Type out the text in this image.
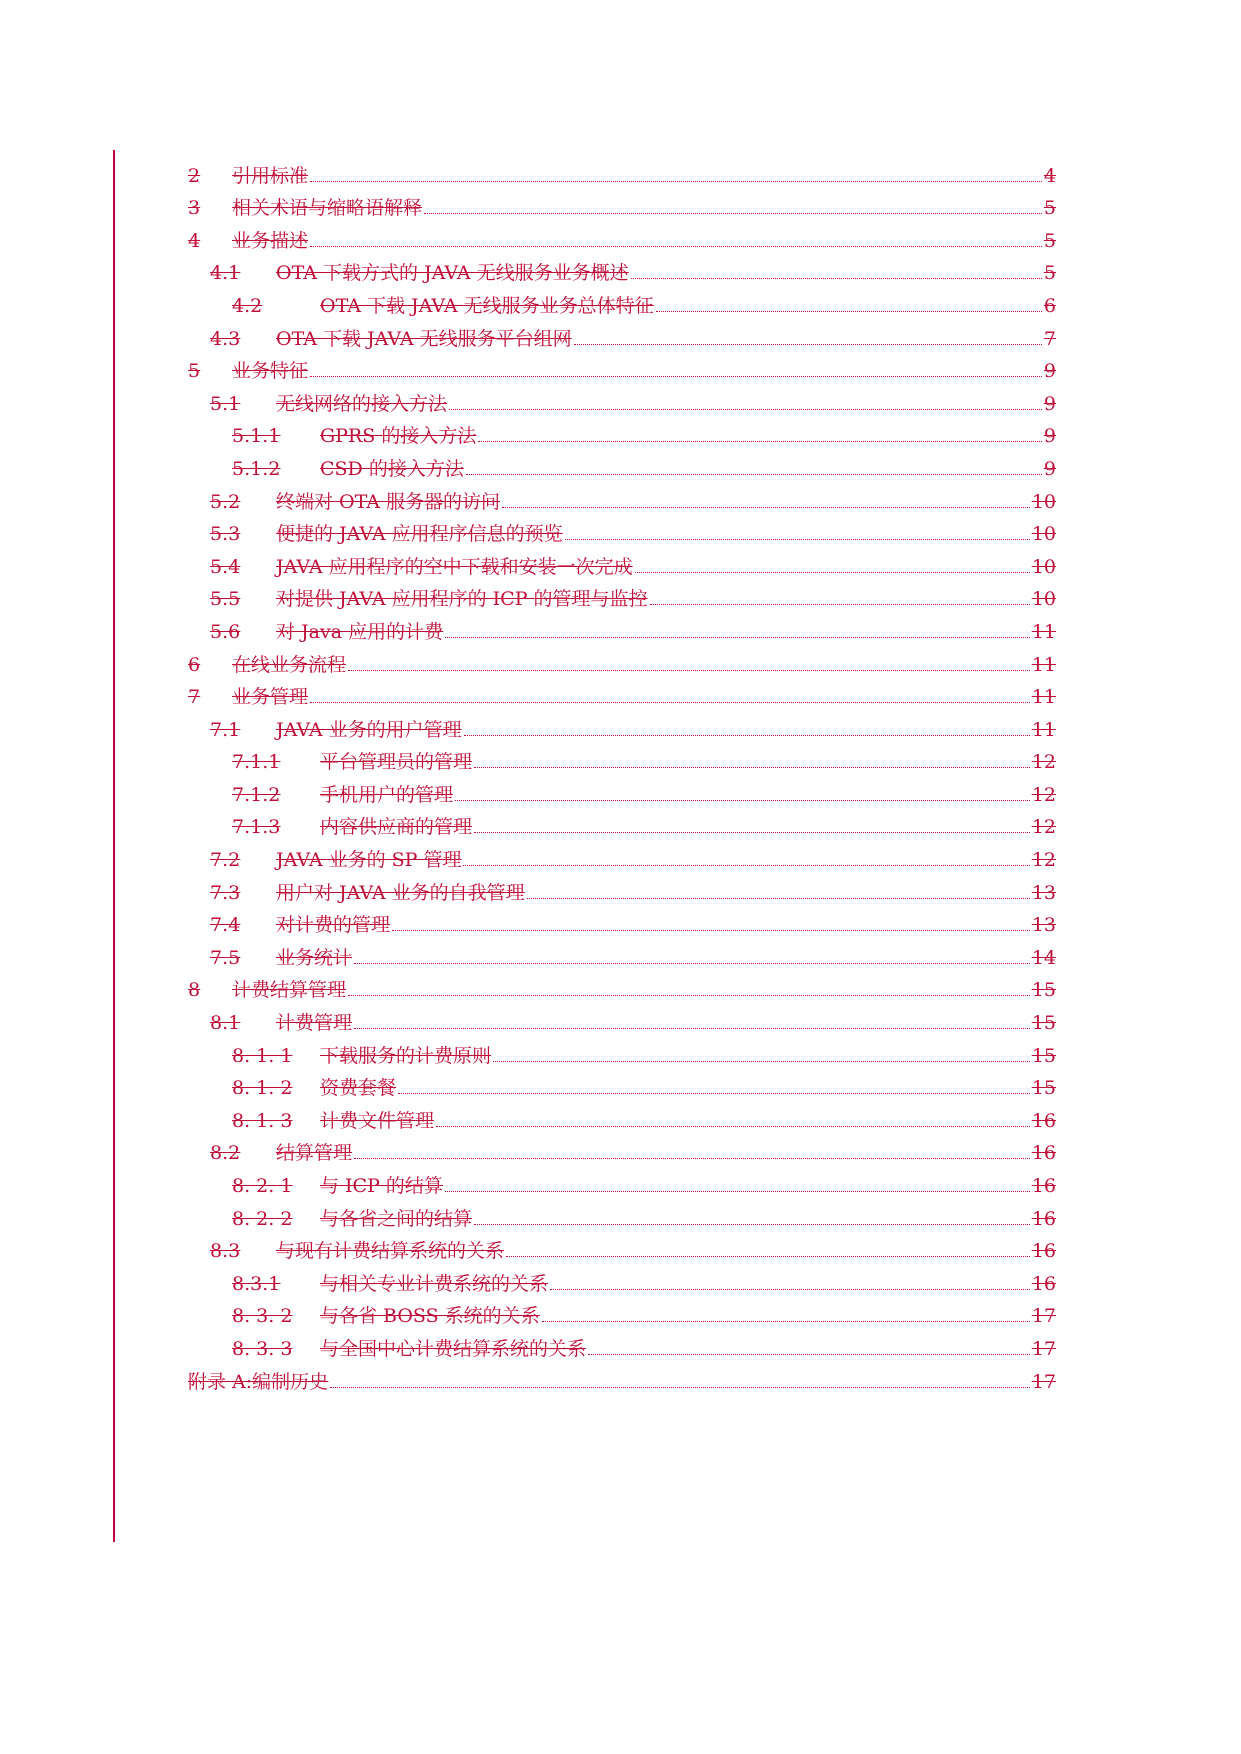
2	引用标准	4
3	相关术语与缩略语解释	5
4	业务描述	5
4.1	OTA 下载方式的 JAVA 无线服务业务概述	5
4.2	OTA 下载 JAVA 无线服务业务总体特征	6
4.3	OTA 下载 JAVA 无线服务平台组网	7
5	业务特征	9
5.1	无线网络的接入方法	9
5.1.1	GPRS 的接入方法	9
5.1.2	CSD 的接入方法	9
5.2	终端对 OTA 服务器的访问	10
5.3	便捷的 JAVA 应用程序信息的预览	10
5.4	JAVA 应用程序的空中下载和安装一次完成	10
5.5	对提供 JAVA 应用程序的 ICP 的管理与监控	10
5.6	对 Java 应用的计费	11
6	在线业务流程	11
7	业务管理	11
7.1	JAVA 业务的用户管理	11
7.1.1	平台管理员的管理	12
7.1.2	手机用户的管理	12
7.1.3	内容供应商的管理	12
7.2	JAVA 业务的 SP 管理	12
7.3	用户对 JAVA 业务的自我管理	13
7.4	对计费的管理	13
7.5	业务统计	14
8	计费结算管理	15
8.1	计费管理	15
8. 1. 1	下载服务的计费原则	15
8. 1. 2	资费套餐	15
8. 1. 3	计费文件管理	16
8.2	结算管理	16
8. 2. 1	与 ICP 的结算	16
8. 2. 2	与各省之间的结算	16
8.3	与现有计费结算系统的关系	16
8.3.1	与相关专业计费系统的关系	16
8. 3. 2	与各省 BOSS 系统的关系	17
8. 3. 3	与全国中心计费结算系统的关系	17
附录 A:编制历史	17
